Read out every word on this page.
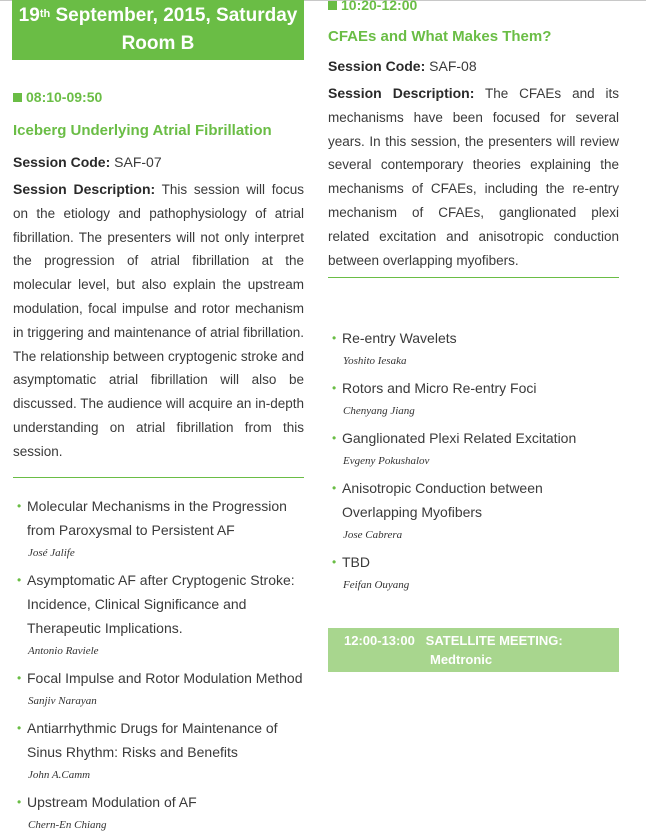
19th September, 2015, Saturday
Room B
08:10-09:50
Iceberg Underlying Atrial Fibrillation
Session Code: SAF-07
Session Description: This session will focus on the etiology and pathophysiology of atrial fibrillation. The presenters will not only interpret the progression of atrial fibrillation at the molecular level, but also explain the upstream modulation, focal impulse and rotor mechanism in triggering and maintenance of atrial fibrillation. The relationship between cryptogenic stroke and asymptomatic atrial fibrillation will also be discussed. The audience will acquire an in-depth understanding on atrial fibrillation from this session.
• Molecular Mechanisms in the Progression from Paroxysmal to Persistent AF
José Jalife
• Asymptomatic AF after Cryptogenic Stroke: Incidence, Clinical Significance and Therapeutic Implications.
Antonio Raviele
• Focal Impulse and Rotor Modulation Method
Sanjiv Narayan
• Antiarrhythmic Drugs for Maintenance of Sinus Rhythm: Risks and Benefits
John A.Camm
• Upstream Modulation of AF
Chern-En Chiang
10:20-12:00
CFAEs and What Makes Them?
Session Code: SAF-08
Session Description: The CFAEs and its mechanisms have been focused for several years. In this session, the presenters will review several contemporary theories explaining the mechanisms of CFAEs, including the re-entry mechanism of CFAEs, ganglionated plexi related excitation and anisotropic conduction between overlapping myofibers.
• Re-entry Wavelets
Yoshito Iesaka
• Rotors and Micro Re-entry Foci
Chenyang Jiang
• Ganglionated Plexi Related Excitation
Evgeny Pokushalov
• Anisotropic Conduction between Overlapping Myofibers
Jose Cabrera
• TBD
Feifan Ouyang
12:00-13:00 SATELLITE MEETING:
Medtronic
